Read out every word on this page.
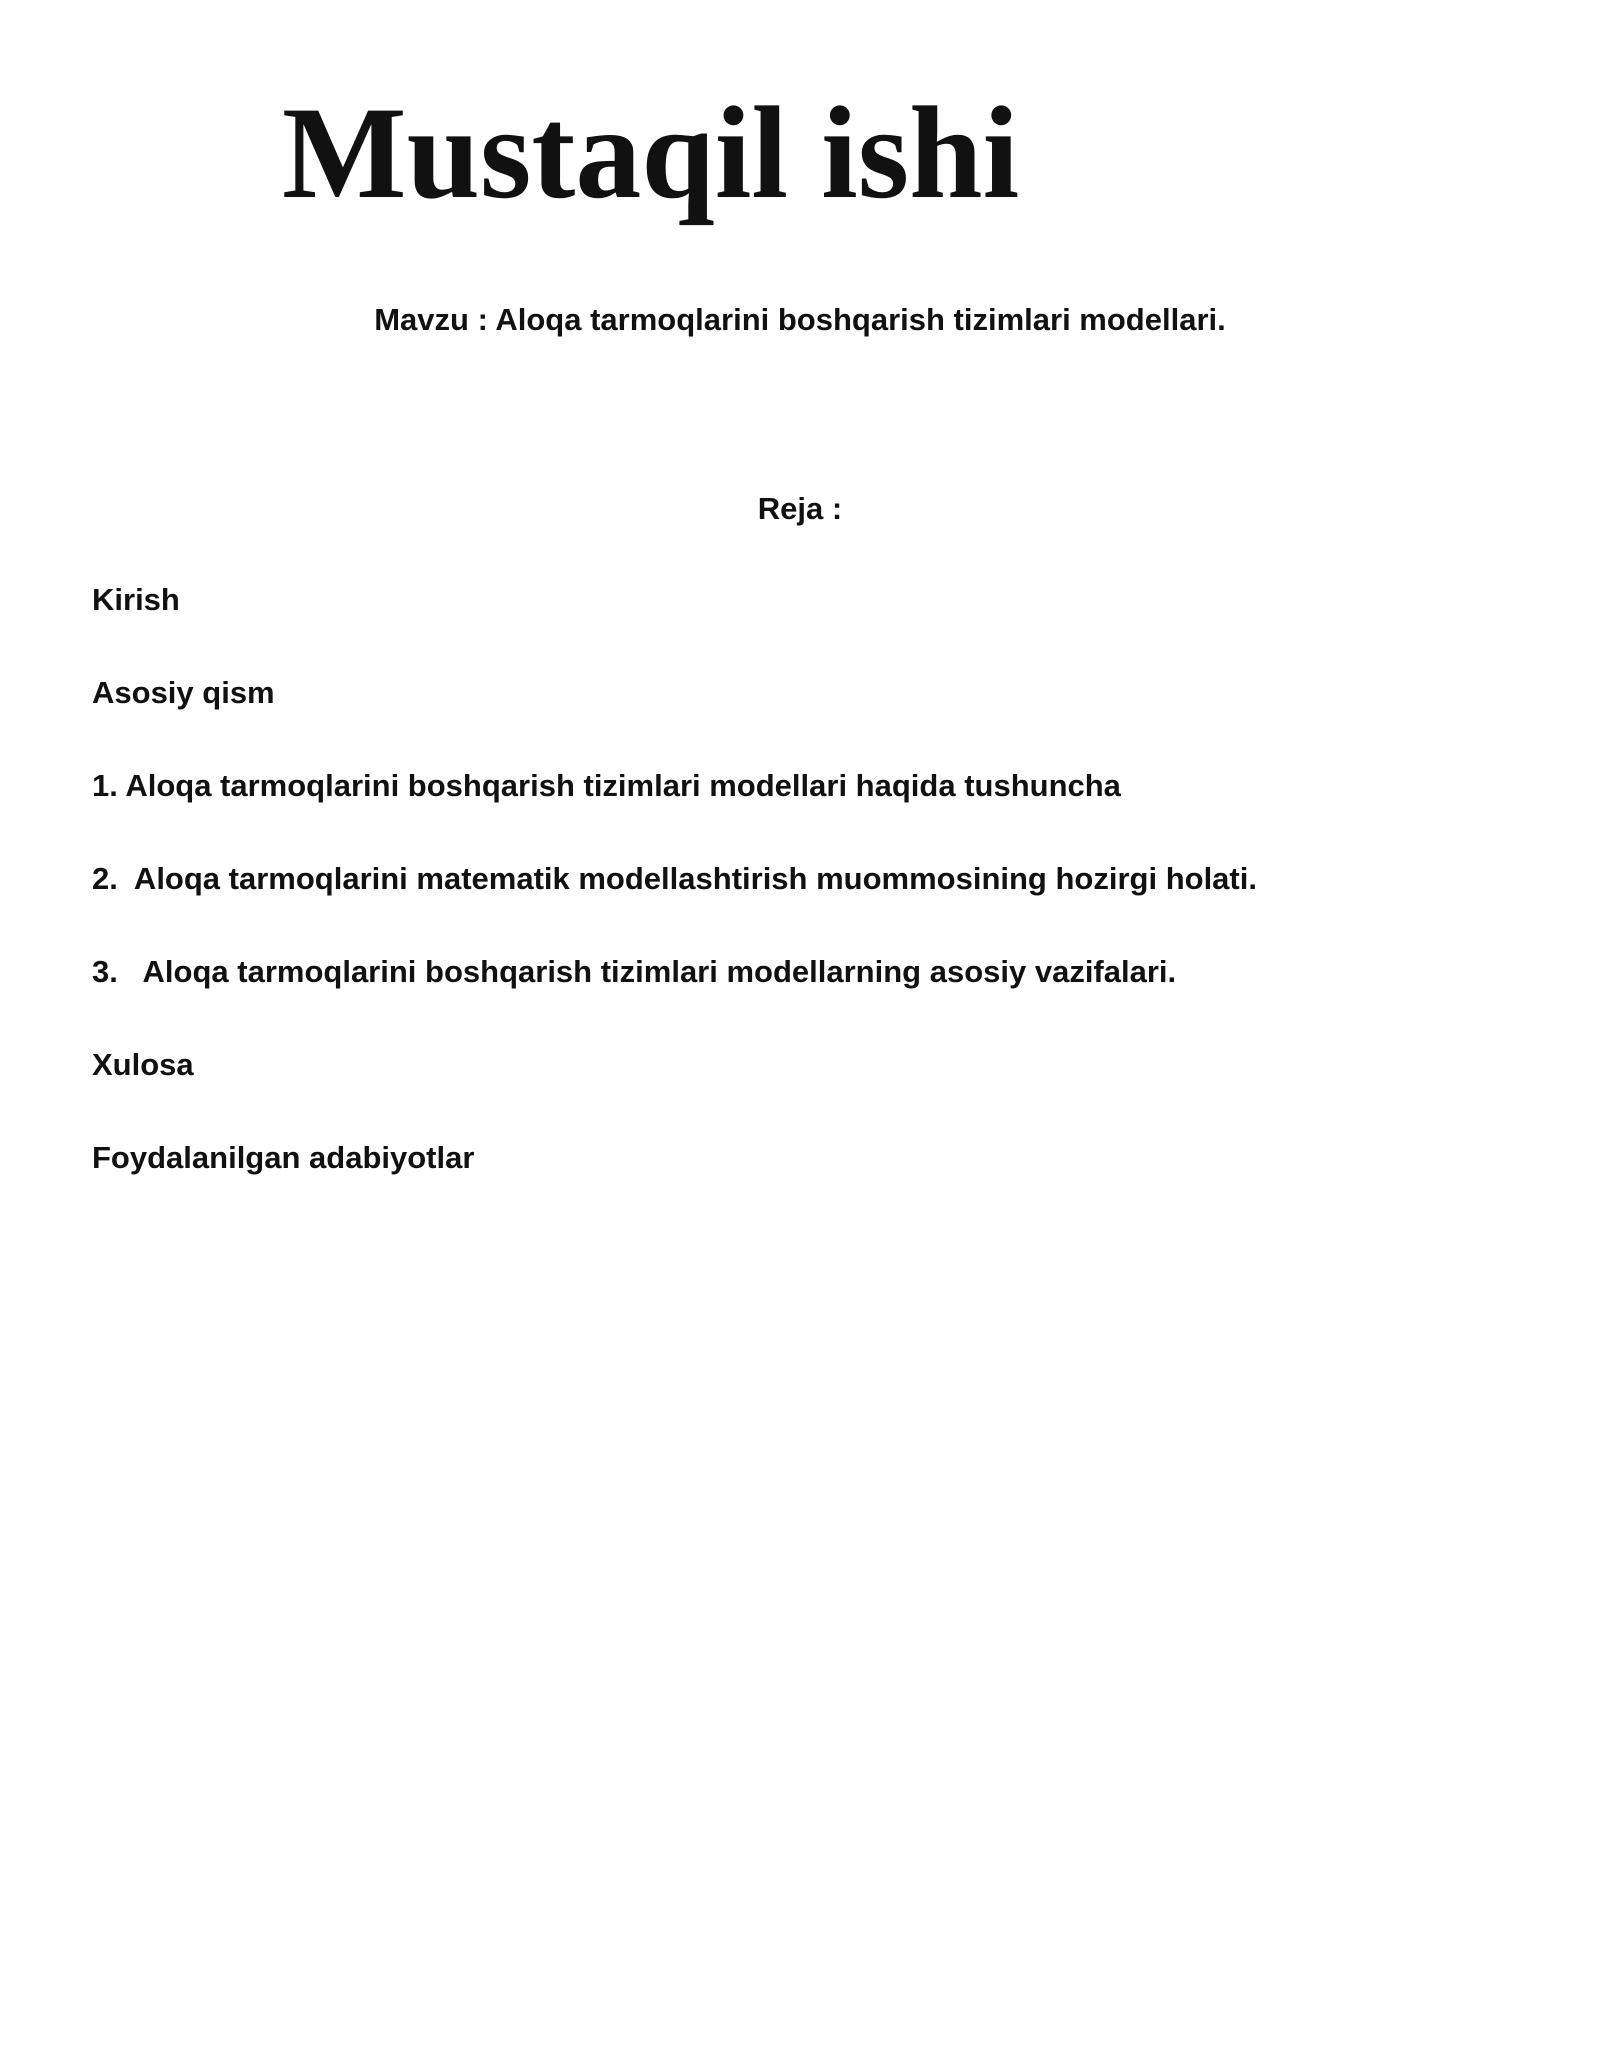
Mustaqil ishi

Mavzu : Aloqa tarmoqlarini boshqarish tizimlari modellari.

Reja :

Kirish
Asosiy qism
1. Aloqa tarmoqlarini boshqarish tizimlari modellari haqida tushuncha
2.  Aloqa tarmoqlarini matematik modellashtirish muommosining hozirgi holati.
3.   Aloqa tarmoqlarini boshqarish tizimlari modellarning asosiy vazifalari.
Xulosa
Foydalanilgan adabiyotlar
